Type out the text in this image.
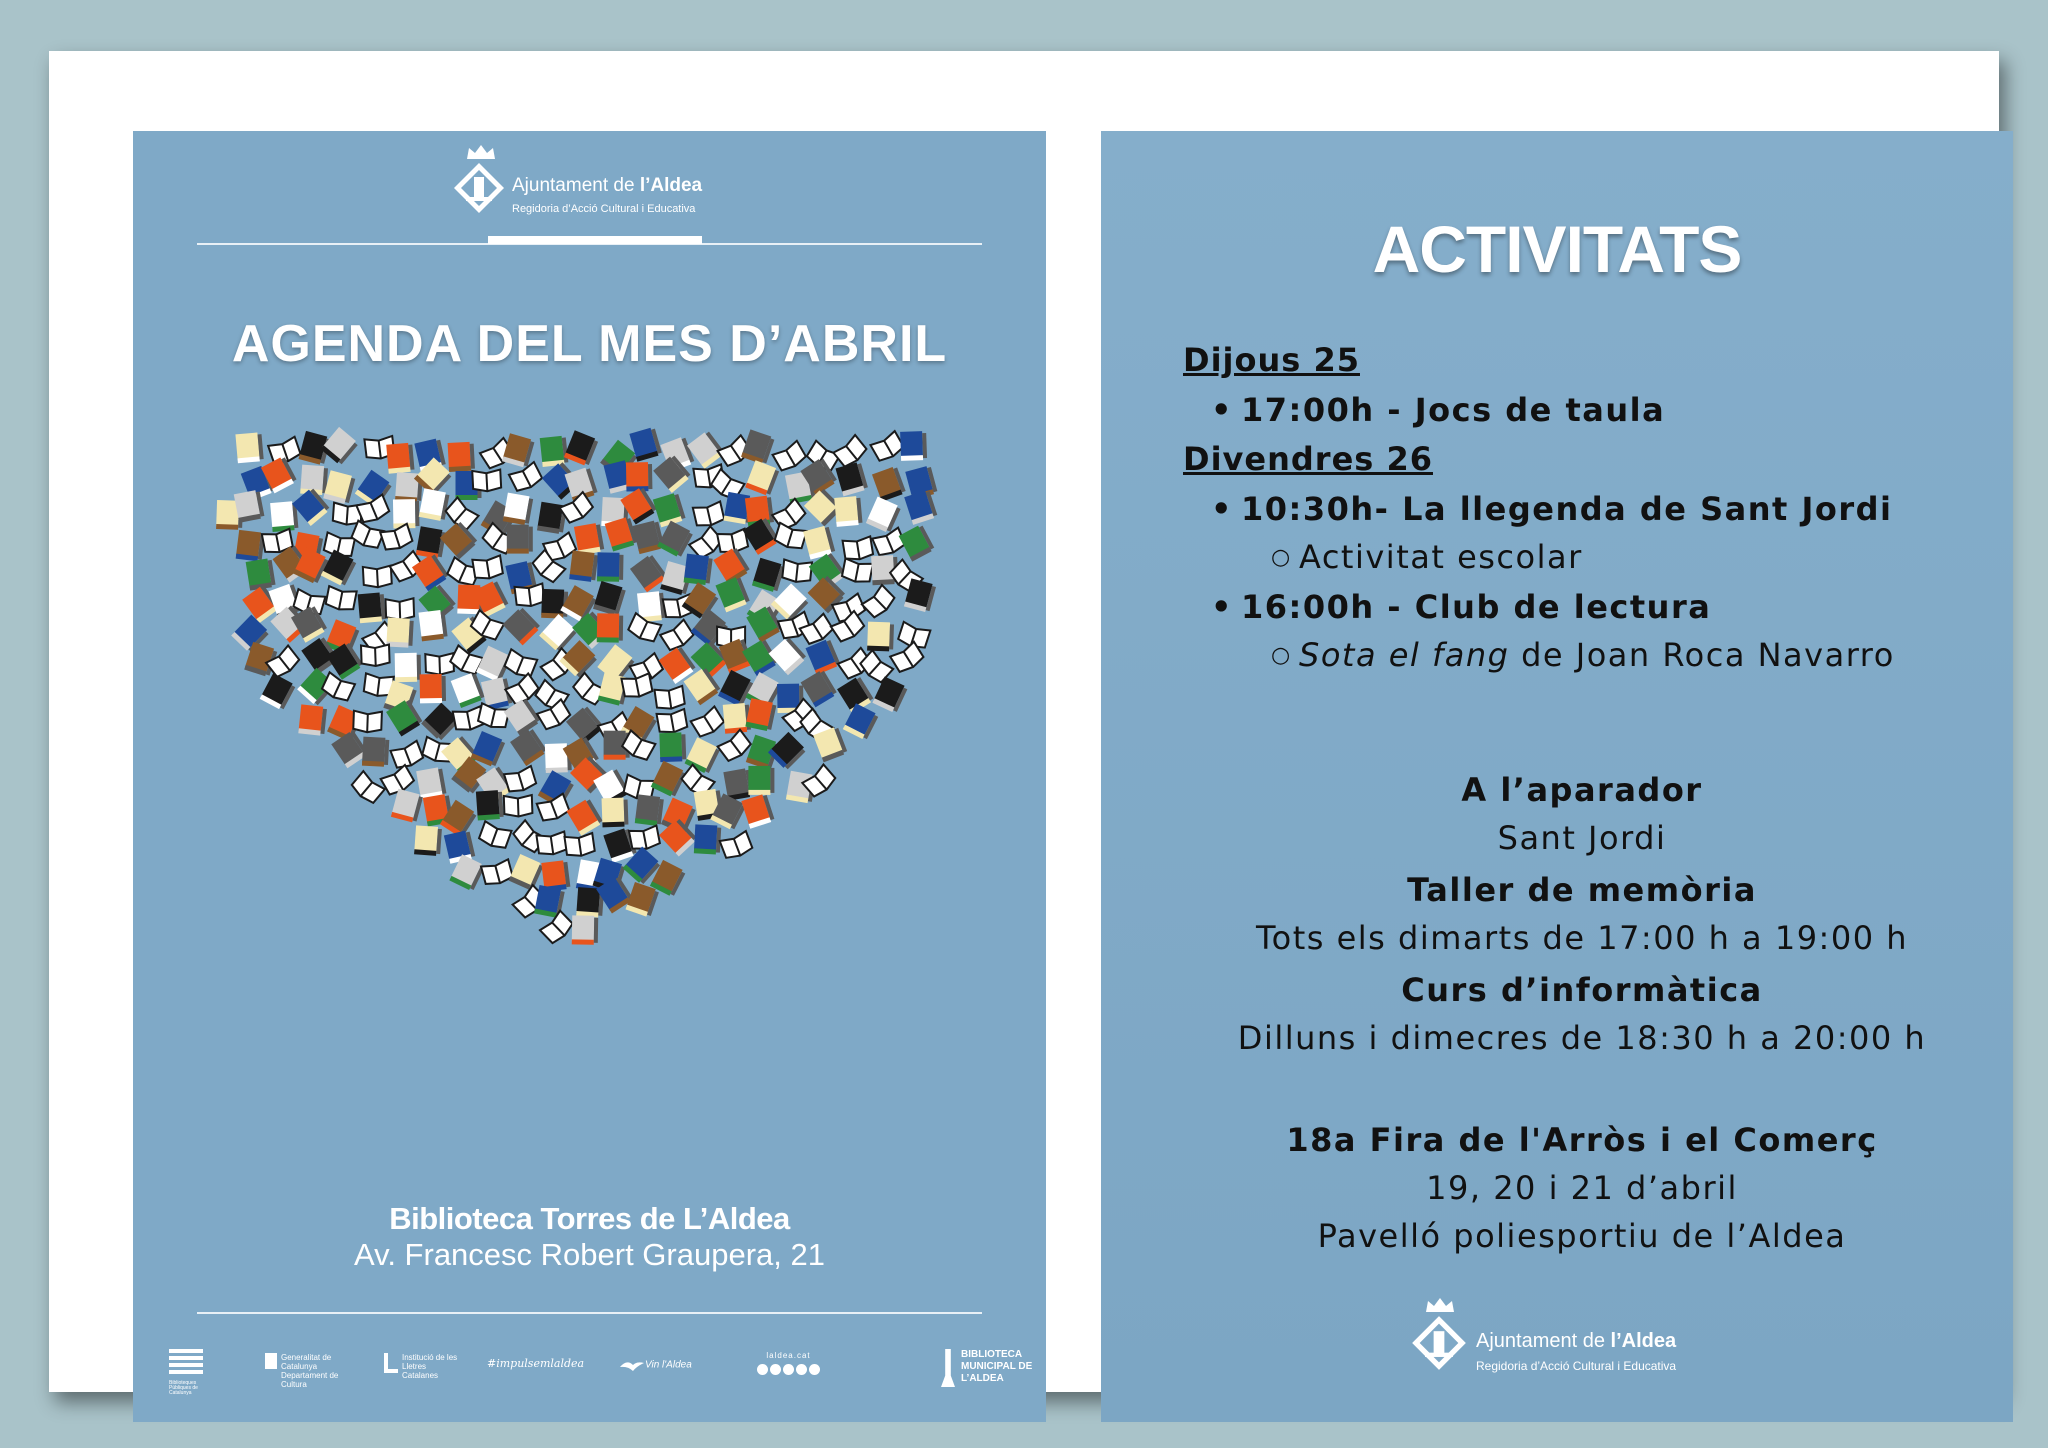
Ajuntament de l’Aldea
Regidoria d’Acció Cultural i Educativa
AGENDA DEL MES D’ABRIL
Biblioteca Torres de L’Aldea
Av. Francesc Robert Graupera, 21
Biblioteques Públiques de Catalunya
Generalitat de Catalunya Departament de Cultura
Institució de les Lletres Catalanes
#impulsemlaldea	Vin l'Aldea
laldea.cat	BIBLIOTECA MUNICIPAL DE L’ALDEA
ACTIVITATS
Dijous 25
• 17:00h - Jocs de taula
Divendres 26
• 10:30h- La llegenda de Sant Jordi
○ Activitat escolar
• 16:00h - Club de lectura
○ Sota el fang de Joan Roca Navarro
A l’aparador
Sant Jordi
Taller de memòria
Tots els dimarts de 17:00 h a 19:00 h
Curs d’informàtica
Dilluns i dimecres de 18:30 h a 20:00 h
18a Fira de l'Arròs i el Comerç
19, 20 i 21 d’abril
Pavelló poliesportiu de l’Aldea
Ajuntament de l’Aldea
Regidoria d’Acció Cultural i Educativa
